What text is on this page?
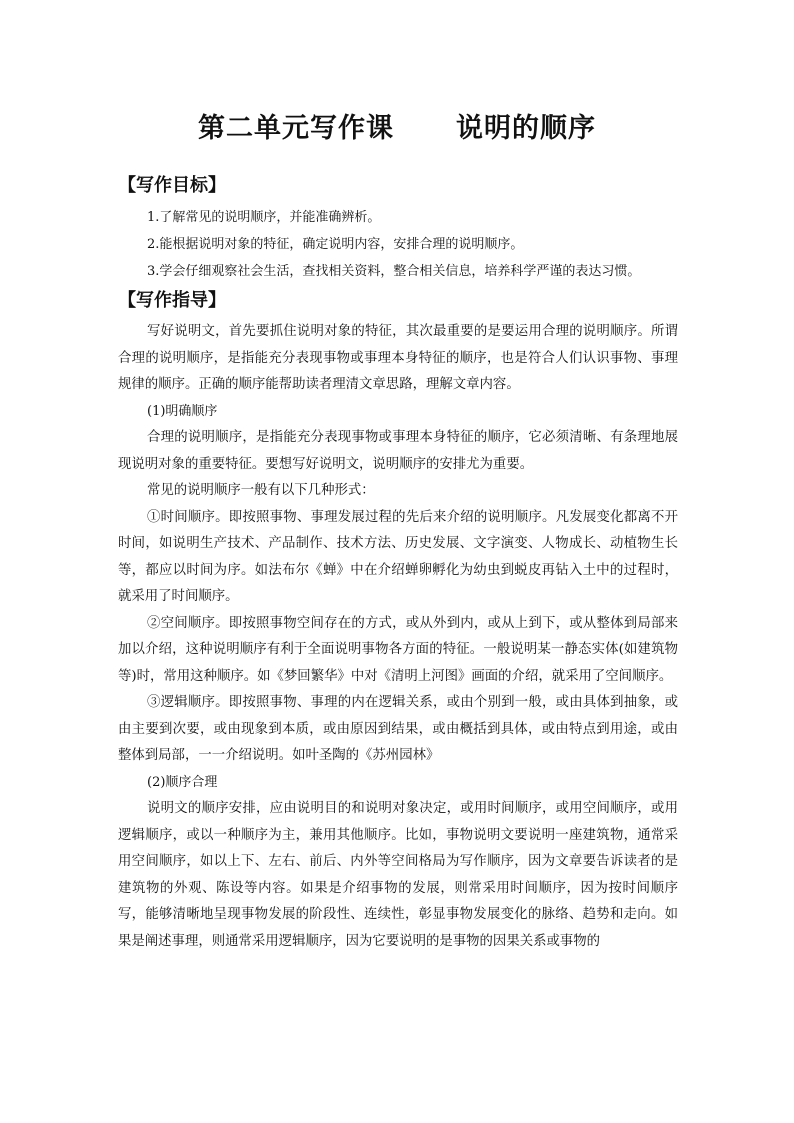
第二单元写作课 说明的顺序
【写作目标】

1.了解常见的说明顺序，并能准确辨析。

2.能根据说明对象的特征，确定说明内容，安排合理的说明顺序。

3.学会仔细观察社会生活，查找相关资料，整合相关信息，培养科学严谨的表达习惯。

【写作指导】

写好说明文，首先要抓住说明对象的特征，其次最重要的是要运用合理的说明顺序。所谓合理的说明顺序，是指能充分表现事物或事理本身特征的顺序，也是符合人们认识事物、事理规律的顺序。正确的顺序能帮助读者理清文章思路，理解文章内容。

(1)明确顺序

合理的说明顺序，是指能充分表现事物或事理本身特征的顺序，它必须清晰、有条理地展现说明对象的重要特征。要想写好说明文，说明顺序的安排尤为重要。

常见的说明顺序一般有以下几种形式：

①时间顺序。即按照事物、事理发展过程的先后来介绍的说明顺序。凡发展变化都离不开时间，如说明生产技术、产品制作、技术方法、历史发展、文字演变、人物成长、动植物生长等，都应以时间为序。如法布尔《蝉》中在介绍蝉卵孵化为幼虫到蜕皮再钻入土中的过程时，就采用了时间顺序。

②空间顺序。即按照事物空间存在的方式，或从外到内，或从上到下，或从整体到局部来加以介绍，这种说明顺序有利于全面说明事物各方面的特征。一般说明某一静态实体(如建筑物等)时，常用这种顺序。如《梦回繁华》中对《清明上河图》画面的介绍，就采用了空间顺序。

③逻辑顺序。即按照事物、事理的内在逻辑关系，或由个别到一般，或由具体到抽象，或由主要到次要，或由现象到本质，或由原因到结果，或由概括到具体，或由特点到用途，或由整体到局部，一一介绍说明。如叶圣陶的《苏州园林》

(2)顺序合理

说明文的顺序安排，应由说明目的和说明对象决定，或用时间顺序，或用空间顺序，或用逻辑顺序，或以一种顺序为主，兼用其他顺序。比如，事物说明文要说明一座建筑物，通常采用空间顺序，如以上下、左右、前后、内外等空间格局为写作顺序，因为文章要告诉读者的是建筑物的外观、陈设等内容。如果是介绍事物的发展，则常采用时间顺序，因为按时间顺序写，能够清晰地呈现事物发展的阶段性、连续性，彰显事物发展变化的脉络、趋势和走向。如果是阐述事理，则通常采用逻辑顺序，因为它要说明的是事物的因果关系或事物的
